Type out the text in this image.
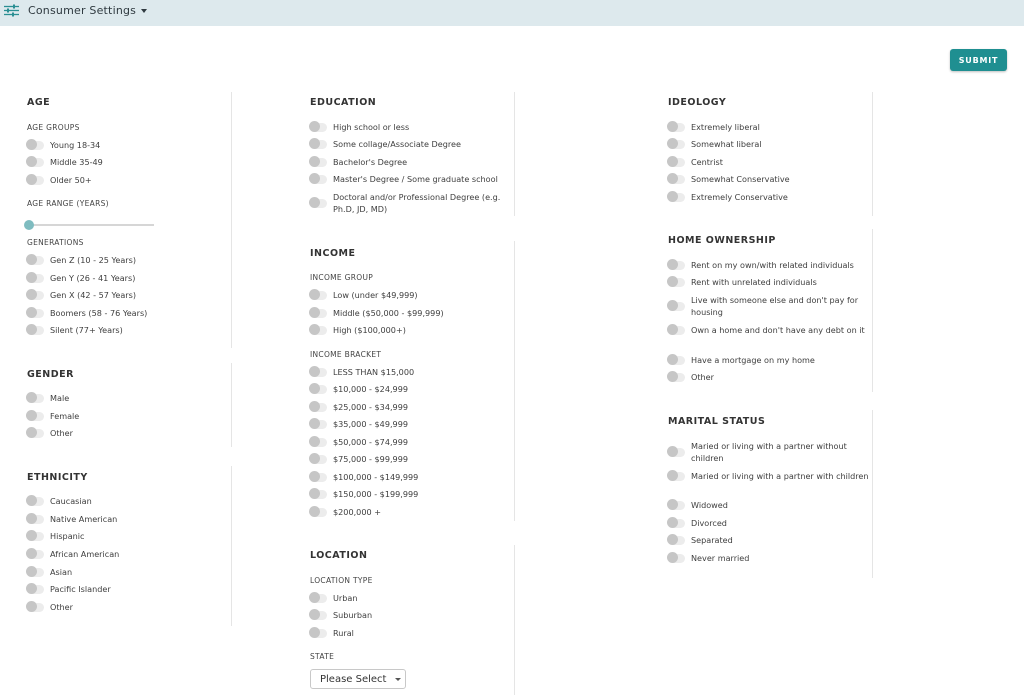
Consumer Settings
SUBMIT
AGE
AGE GROUPS
Young 18-34
Middle 35-49
Older 50+
AGE RANGE (YEARS)
GENERATIONS
Gen Z (10 - 25 Years)
Gen Y (26 - 41 Years)
Gen X (42 - 57 Years)
Boomers (58 - 76 Years)
Silent (77+ Years)
GENDER
Male
Female
Other
ETHNICITY
Caucasian
Native American
Hispanic
African American
Asian
Pacific Islander
Other
EDUCATION
High school or less
Some collage/Associate Degree
Bachelor's Degree
Master's Degree / Some graduate school
Doctoral and/or Professional Degree (e.g. Ph.D, JD, MD)
INCOME
INCOME GROUP
Low (under $49,999)
Middle ($50,000 - $99,999)
High ($100,000+)
INCOME BRACKET
LESS THAN $15,000
$10,000 - $24,999
$25,000 - $34,999
$35,000 - $49,999
$50,000 - $74,999
$75,000 - $99,999
$100,000 - $149,999
$150,000 - $199,999
$200,000 +
LOCATION
LOCATION TYPE
Urban
Suburban
Rural
STATE
Please Select
IDEOLOGY
Extremely liberal
Somewhat liberal
Centrist
Somewhat Conservative
Extremely Conservative
HOME OWNERSHIP
Rent on my own/with related individuals
Rent with unrelated individuals
Live with someone else and don't pay for housing
Own a home and don't have any debt on it
Have a mortgage on my home
Other
MARITAL STATUS
Maried or living with a partner without children
Maried or living with a partner with children
Widowed
Divorced
Separated
Never married
